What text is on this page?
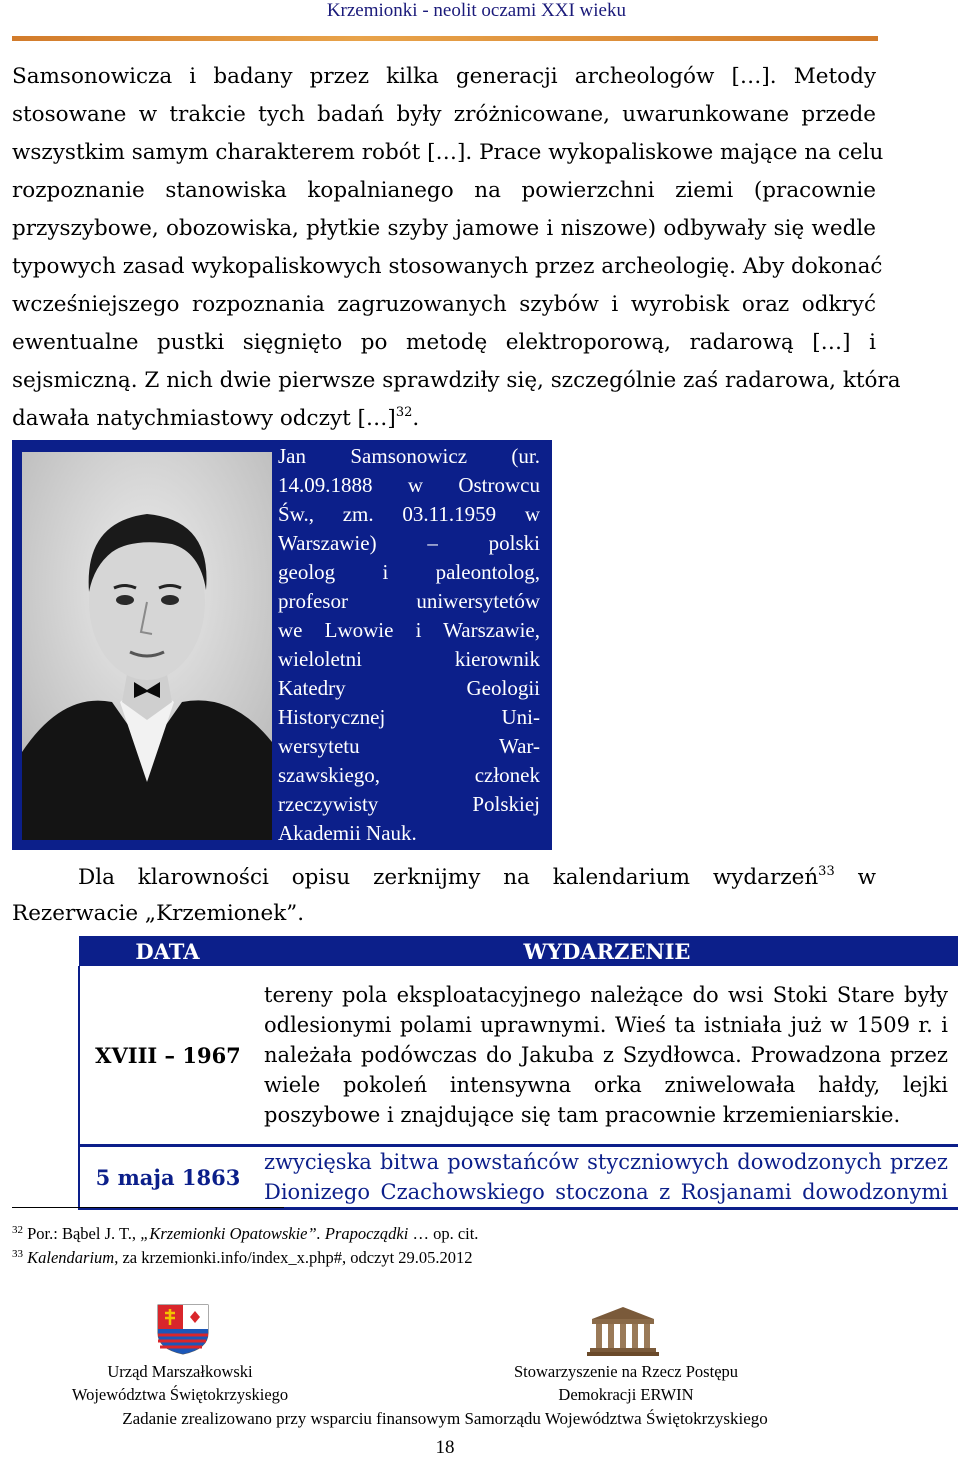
Krzemionki - neolit oczami XXI wieku
Samsonowicza i badany przez kilka generacji archeologów […]. Metody
stosowane w trakcie tych badań były zróżnicowane, uwarunkowane przede
wszystkim samym charakterem robót […]. Prace wykopaliskowe mające na celu
rozpoznanie stanowiska kopalnianego na powierzchni ziemi (pracownie
przyszybowe, obozowiska, płytkie szyby jamowe i niszowe) odbywały się wedle
typowych zasad wykopaliskowych stosowanych przez archeologię. Aby dokonać
wcześniejszego rozpoznania zagruzowanych szybów i wyrobisk oraz odkryć
ewentualne pustki sięgnięto po metodę elektroporową, radarową […] i
sejsmiczną. Z nich dwie pierwsze sprawdziły się, szczególnie zaś radarowa, która
dawała natychmiastowy odczyt […]$^{32}$.
Jan Samsonowicz (ur.
14.09.1888 w Ostrowcu
Św., zm. 03.11.1959 w
Warszawie) – polski
geolog i paleontolog,
profesor uniwersytetów
we Lwowie i Warszawie,
wieloletni kierownik
Katedry Geologii
Historycznej Uni-
wersytetu War-
szawskiego, członek
rzeczywisty Polskiej
Akademii Nauk.
Dla klarowności opisu zerknijmy na kalendarium wydarzeń$^{33}$ w
Rezerwacie „Krzemionek”.
DATA	WYDARZENIE
XVIII – 1967	tereny pola eksploatacyjnego należące do wsi Stoki Stare były
odlesionymi polami uprawnymi. Wieś ta istniała już w 1509 r. i
należała podówczas do Jakuba z Szydłowca. Prowadzona przez
wiele pokoleń intensywna orka zniwelowała hałdy, lejki
poszybowe i znajdujące się tam pracownie krzemieniarskie.

5 maja 1863	zwycięska bitwa powstańców styczniowych dowodzonych przez
Dionizego Czachowskiego stoczona z Rosjanami dowodzonymi
$^{32}$ Por.: Bąbel J. T., „Krzemionki Opatowskie”. Prapocządki … op. cit.
$^{33}$ Kalendarium, za krzemionki.info/index_x.php#, odczyt 29.05.2012
Urząd Marszałkowski
Województwa Świętokrzyskiego
Stowarzyszenie na Rzecz Postępu
Demokracji ERWIN
Zadanie zrealizowano przy wsparciu finansowym Samorządu Województwa Świętokrzyskiego
18
